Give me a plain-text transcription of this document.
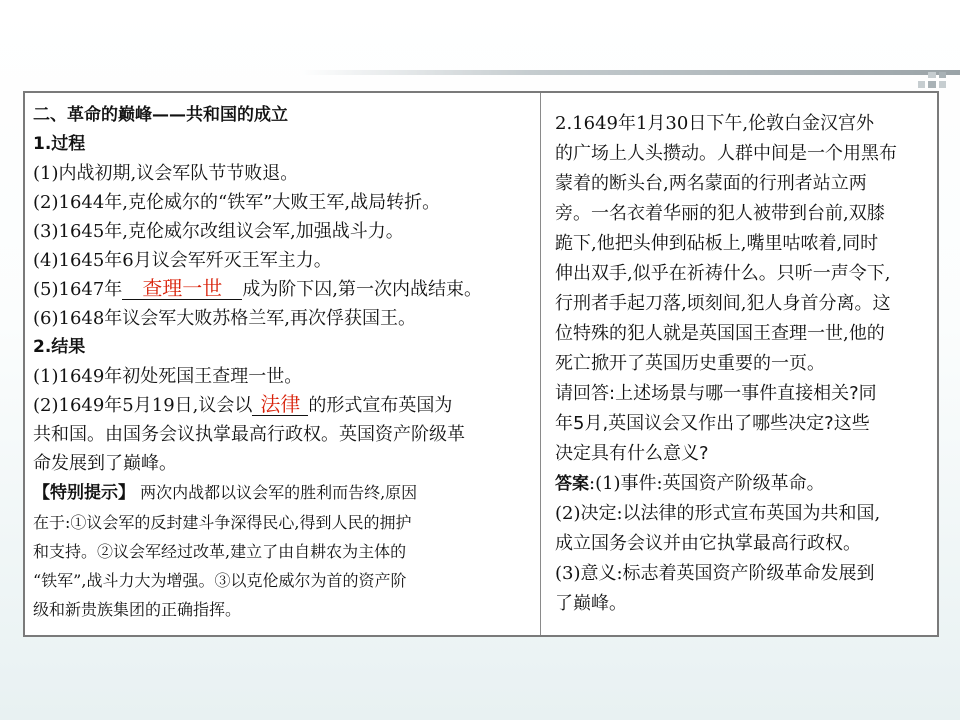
二、革命的巅峰——共和国的成立
1.过程
(1)内战初期,议会军队节节败退。
(2)1644年,克伦威尔的“铁军”大败王军,战局转折。
(3)1645年,克伦威尔改组议会军,加强战斗力。
(4)1645年6月议会军歼灭王军主力。
(5)1647年 查理一世 成为阶下囚,第一次内战结束。
(6)1648年议会军大败苏格兰军,再次俘获国王。
2.结果
(1)1649年初处死国王查理一世。
(2)1649年5月19日,议会以 法律 的形式宣布英国为
共和国。由国务会议执掌最高行政权。英国资产阶级革
命发展到了巅峰。
【特别提示】 两次内战都以议会军的胜利而告终,原因
在于:①议会军的反封建斗争深得民心,得到人民的拥护
和支持。②议会军经过改革,建立了由自耕农为主体的
“铁军”,战斗力大为增强。③以克伦威尔为首的资产阶
级和新贵族集团的正确指挥。
2.1649年1月30日下午,伦敦白金汉宫外
的广场上人头攒动。人群中间是一个用黑布
蒙着的断头台,两名蒙面的行刑者站立两
旁。一名衣着华丽的犯人被带到台前,双膝
跪下,他把头伸到砧板上,嘴里咕哝着,同时
伸出双手,似乎在祈祷什么。只听一声令下,
行刑者手起刀落,顷刻间,犯人身首分离。这
位特殊的犯人就是英国国王查理一世,他的
死亡掀开了英国历史重要的一页。
请回答:上述场景与哪一事件直接相关?同
年5月,英国议会又作出了哪些决定?这些
决定具有什么意义?
答案:(1)事件:英国资产阶级革命。
(2)决定:以法律的形式宣布英国为共和国,
成立国务会议并由它执掌最高行政权。
(3)意义:标志着英国资产阶级革命发展到
了巅峰。
